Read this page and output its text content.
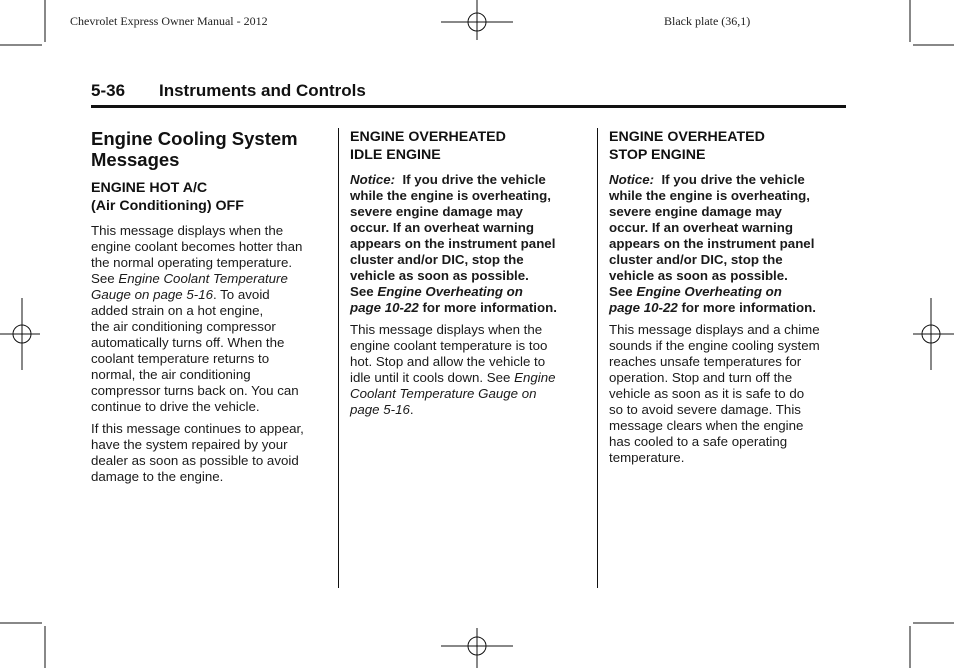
Chevrolet Express Owner Manual - 2012	Black plate (36,1)
5-36 Instruments and Controls
Engine Cooling System
Messages
ENGINE HOT A/C
(Air Conditioning) OFF

This message displays when the
engine coolant becomes hotter than
the normal operating temperature.
See Engine Coolant Temperature
Gauge on page 5-16. To avoid
added strain on a hot engine,
the air conditioning compressor
automatically turns off. When the
coolant temperature returns to
normal, the air conditioning
compressor turns back on. You can
continue to drive the vehicle.

If this message continues to appear,
have the system repaired by your
dealer as soon as possible to avoid
damage to the engine.

ENGINE OVERHEATED
IDLE ENGINE

Notice: If you drive the vehicle
while the engine is overheating,
severe engine damage may
occur. If an overheat warning
appears on the instrument panel
cluster and/or DIC, stop the
vehicle as soon as possible.
See Engine Overheating on
page 10-22 for more information.

This message displays when the
engine coolant temperature is too
hot. Stop and allow the vehicle to
idle until it cools down. See Engine
Coolant Temperature Gauge on
page 5-16.

ENGINE OVERHEATED
STOP ENGINE

Notice: If you drive the vehicle
while the engine is overheating,
severe engine damage may
occur. If an overheat warning
appears on the instrument panel
cluster and/or DIC, stop the
vehicle as soon as possible.
See Engine Overheating on
page 10-22 for more information.

This message displays and a chime
sounds if the engine cooling system
reaches unsafe temperatures for
operation. Stop and turn off the
vehicle as soon as it is safe to do
so to avoid severe damage. This
message clears when the engine
has cooled to a safe operating
temperature.
